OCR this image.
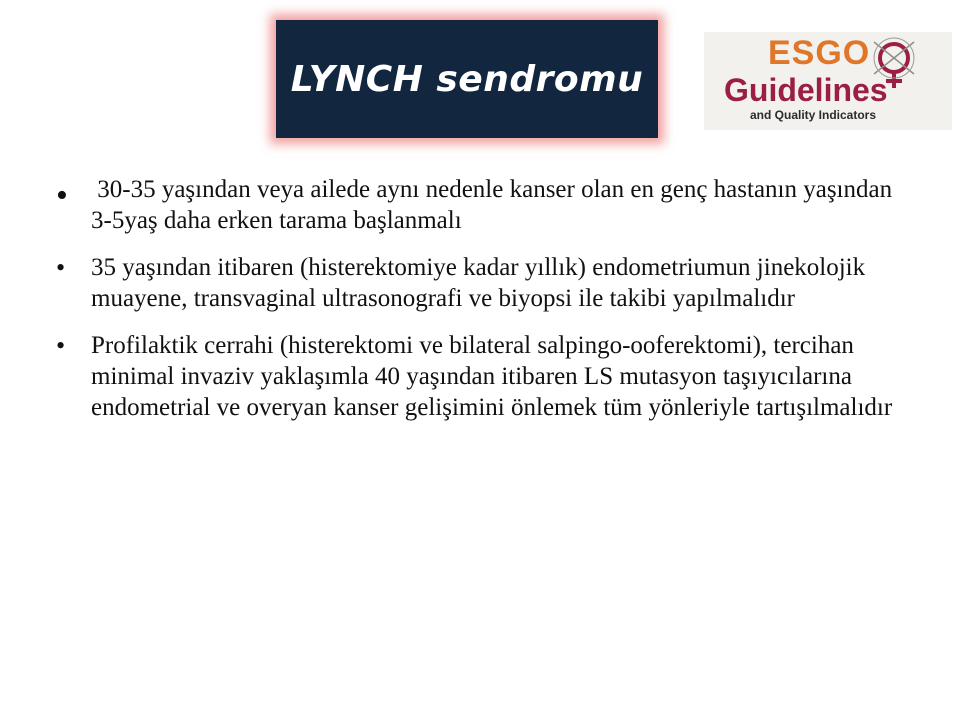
LYNCH sendromu
ESGO
Guidelines
and Quality Indicators
• 30-35 yaşından veya ailede aynı nedenle kanser olan en genç hastanın yaşından 3-5yaş daha erken tarama başlanmalı
• 35 yaşından itibaren (histerektomiye kadar yıllık) endometriumun jinekolojik muayene, transvaginal ultrasonografi ve biyopsi ile takibi yapılmalıdır
• Profilaktik cerrahi (histerektomi ve bilateral salpingo-ooferektomi), tercihan minimal invaziv yaklaşımla 40 yaşından itibaren LS mutasyon taşıyıcılarına endometrial ve overyan kanser gelişimini önlemek tüm yönleriyle tartışılmalıdır
